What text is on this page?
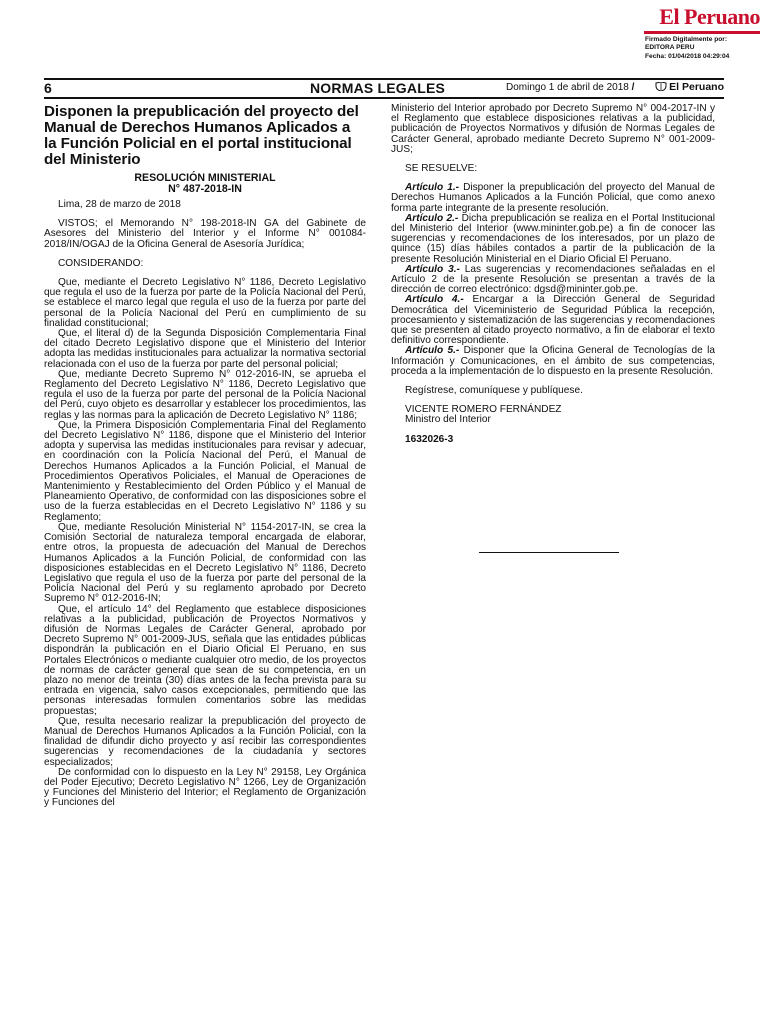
El Peruano
Firmado Digitalmente por:
EDITORA PERU
Fecha: 01/04/2018 04:29:04
6	NORMAS LEGALES	Domingo 1 de abril de 2018 /	El Peruano
Disponen la prepublicación del proyecto del Manual de Derechos Humanos Aplicados a la Función Policial en el portal institucional del Ministerio

RESOLUCIÓN MINISTERIAL

N° 487-2018-IN

Lima, 28 de marzo de 2018

VISTOS; el Memorando N° 198-2018-IN GA del Gabinete de Asesores del Ministerio del Interior y el Informe N° 001084-2018/IN/OGAJ de la Oficina General de Asesoría Jurídica;

CONSIDERANDO:

Que, mediante el Decreto Legislativo N° 1186, Decreto Legislativo que regula el uso de la fuerza por parte de la Policía Nacional del Perú, se establece el marco legal que regula el uso de la fuerza por parte del personal de la Policía Nacional del Perú en cumplimiento de su finalidad constitucional;

Que, el literal d) de la Segunda Disposición Complementaria Final del citado Decreto Legislativo dispone que el Ministerio del Interior adopta las medidas institucionales para actualizar la normativa sectorial relacionada con el uso de la fuerza por parte del personal policial;

Que, mediante Decreto Supremo N° 012-2016-IN, se aprueba el Reglamento del Decreto Legislativo N° 1186, Decreto Legislativo que regula el uso de la fuerza por parte del personal de la Policía Nacional del Perú, cuyo objeto es desarrollar y establecer los procedimientos, las reglas y las normas para la aplicación de Decreto Legislativo N° 1186;

Que, la Primera Disposición Complementaria Final del Reglamento del Decreto Legislativo N° 1186, dispone que el Ministerio del Interior adopta y supervisa las medidas institucionales para revisar y adecuar, en coordinación con la Policía Nacional del Perú, el Manual de Derechos Humanos Aplicados a la Función Policial, el Manual de Procedimientos Operativos Policiales, el Manual de Operaciones de Mantenimiento y Restablecimiento del Orden Público y el Manual de Planeamiento Operativo, de conformidad con las disposiciones sobre el uso de la fuerza establecidas en el Decreto Legislativo N° 1186 y su Reglamento;

Que, mediante Resolución Ministerial N° 1154-2017-IN, se crea la Comisión Sectorial de naturaleza temporal encargada de elaborar, entre otros, la propuesta de adecuación del Manual de Derechos Humanos Aplicados a la Función Policial, de conformidad con las disposiciones establecidas en el Decreto Legislativo N° 1186, Decreto Legislativo que regula el uso de la fuerza por parte del personal de la Policía Nacional del Perú y su reglamento aprobado por Decreto Supremo N° 012-2016-IN;

Que, el artículo 14° del Reglamento que establece disposiciones relativas a la publicidad, publicación de Proyectos Normativos y difusión de Normas Legales de Carácter General, aprobado por Decreto Supremo N° 001-2009-JUS, señala que las entidades públicas dispondrán la publicación en el Diario Oficial El Peruano, en sus Portales Electrónicos o mediante cualquier otro medio, de los proyectos de normas de carácter general que sean de su competencia, en un plazo no menor de treinta (30) días antes de la fecha prevista para su entrada en vigencia, salvo casos excepcionales, permitiendo que las personas interesadas formulen comentarios sobre las medidas propuestas;

Que, resulta necesario realizar la prepublicación del proyecto de Manual de Derechos Humanos Aplicados a la Función Policial, con la finalidad de difundir dicho proyecto y así recibir las correspondientes sugerencias y recomendaciones de la ciudadanía y sectores especializados;

De conformidad con lo dispuesto en la Ley N° 29158, Ley Orgánica del Poder Ejecutivo; Decreto Legislativo N° 1266, Ley de Organización y Funciones del Ministerio del Interior; el Reglamento de Organización y Funciones del

Ministerio del Interior aprobado por Decreto Supremo N° 004-2017-IN y el Reglamento que establece disposiciones relativas a la publicidad, publicación de Proyectos Normativos y difusión de Normas Legales de Carácter General, aprobado mediante Decreto Supremo N° 001-2009-JUS;

SE RESUELVE:

Artículo 1.- Disponer la prepublicación del proyecto del Manual de Derechos Humanos Aplicados a la Función Policial, que como anexo forma parte integrante de la presente resolución.

Artículo 2.- Dicha prepublicación se realiza en el Portal Institucional del Ministerio del Interior (www.mininter.gob.pe) a fin de conocer las sugerencias y recomendaciones de los interesados, por un plazo de quince (15) días hábiles contados a partir de la publicación de la presente Resolución Ministerial en el Diario Oficial El Peruano.

Artículo 3.- Las sugerencias y recomendaciones señaladas en el Artículo 2 de la presente Resolución se presentan a través de la dirección de correo electrónico: dgsd@mininter.gob.pe.

Artículo 4.- Encargar a la Dirección General de Seguridad Democrática del Viceministerio de Seguridad Pública la recepción, procesamiento y sistematización de las sugerencias y recomendaciones que se presenten al citado proyecto normativo, a fin de elaborar el texto definitivo correspondiente.

Artículo 5.- Disponer que la Oficina General de Tecnologías de la Información y Comunicaciones, en el ámbito de sus competencias, proceda a la implementación de lo dispuesto en la presente Resolución.

Regístrese, comuníquese y publíquese.

VICENTE ROMERO FERNÁNDEZ

Ministro del Interior

1632026-3
